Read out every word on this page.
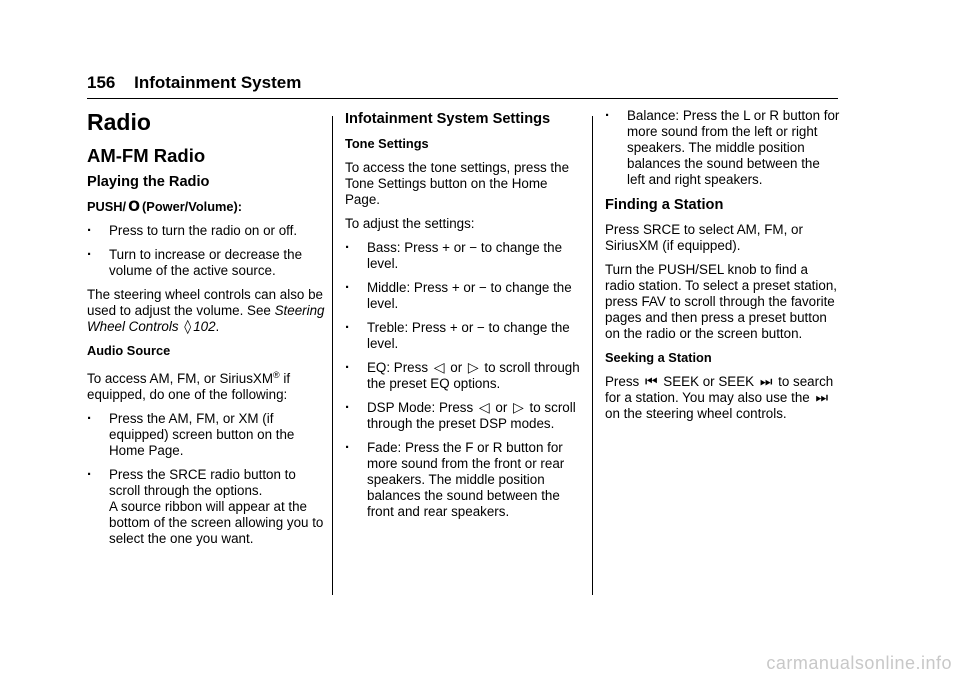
156 Infotainment System
Radio
AM-FM Radio
Playing the Radio
PUSH/ O (Power/Volume):
. Press to turn the radio on or off.
. Turn to increase or decrease the volume of the active source.

The steering wheel controls can also be used to adjust the volume. See Steering Wheel Controls ◊ 102.

Audio Source

To access AM, FM, or SiriusXM® if equipped, do one of the following:

. Press the AM, FM, or XM (if equipped) screen button on the Home Page.
. Press the SRCE radio button to scroll through the options.
A source ribbon will appear at the bottom of the screen allowing you to select the one you want.
Infotainment System Settings
Tone Settings

To access the tone settings, press the Tone Settings button on the Home Page.

To adjust the settings:

. Bass: Press + or − to change the level.
. Middle: Press + or − to change the level.
. Treble: Press + or − to change the level.
. EQ: Press ◁ or ▷ to scroll through the preset EQ options.
. DSP Mode: Press ◁ or ▷ to scroll through the preset DSP modes.
. Fade: Press the F or R button for more sound from the front or rear speakers. The middle position balances the sound between the front and rear speakers.
. Balance: Press the L or R button for more sound from the left or right speakers. The middle position balances the sound between the left and right speakers.
Finding a Station

Press SRCE to select AM, FM, or SiriusXM (if equipped).

Turn the PUSH/SEL knob to find a radio station. To select a preset station, press FAV to scroll through the favorite pages and then press a preset button on the radio or the screen button.

Seeking a Station

Press ⏮ SEEK or SEEK ⏭ to search for a station. You may also use the ⏭ on the steering wheel controls.

carmanualsonline.info
